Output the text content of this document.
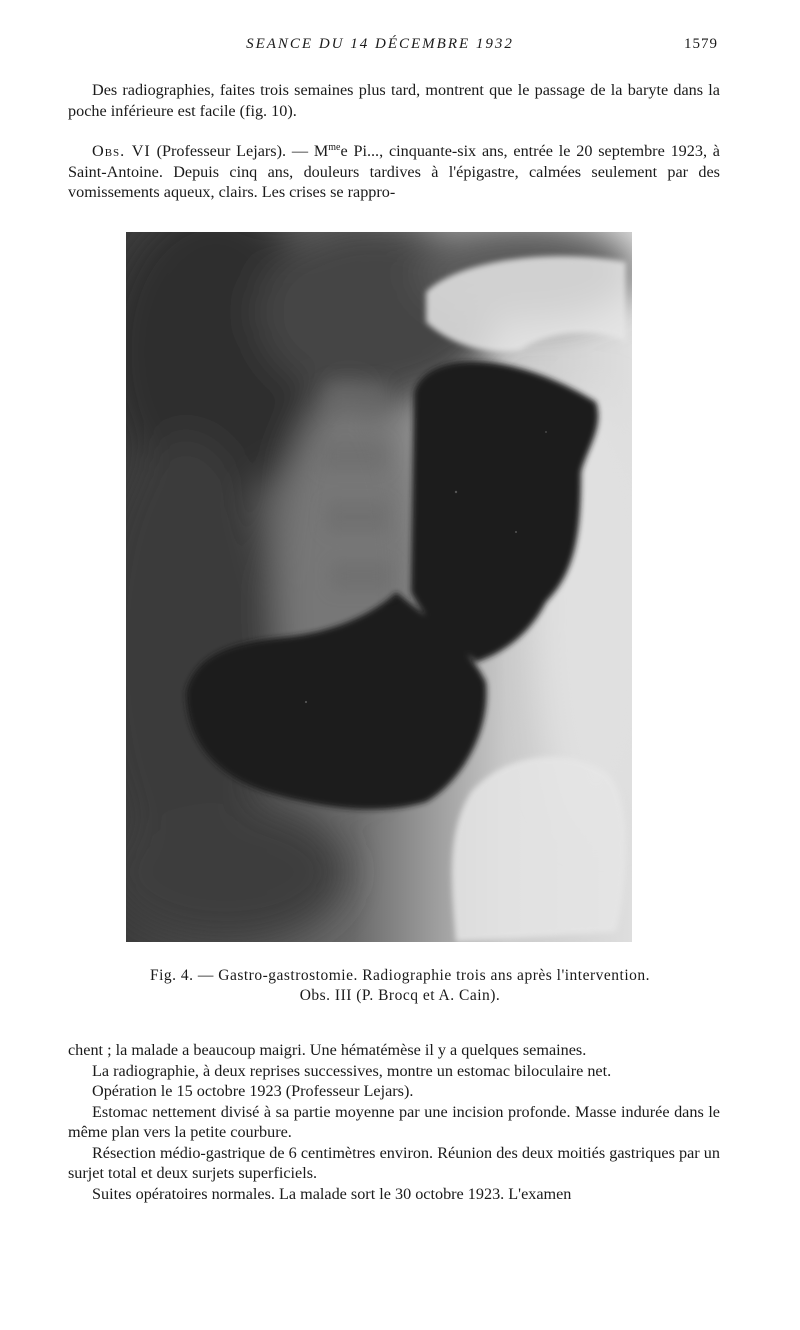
SEANCE DU 14 DÉCEMBRE 1932	1579

Des radiographies, faites trois semaines plus tard, montrent que le passage de la baryte dans la poche inférieure est facile (fig. 10).

Obs. VI (Professeur Lejars). — $M^{me}e$ Pi..., cinquante-six ans, entrée le 20 septembre 1923, à Saint-Antoine. Depuis cinq ans, douleurs tardives à l'épigastre, calmées seulement par des vomissements aqueux, clairs. Les crises se rappro-

Fig. 4. — Gastro-gastrostomie. Radiographie trois ans après l'intervention.
Obs. III (P. Brocq et A. Cain).

chent ; la malade a beaucoup maigri. Une hématémèse il y a quelques semaines.

La radiographie, à deux reprises successives, montre un estomac biloculaire net.

Opération le 15 octobre 1923 (Professeur Lejars).

Estomac nettement divisé à sa partie moyenne par une incision profonde. Masse indurée dans le même plan vers la petite courbure.

Résection médio-gastrique de 6 centimètres environ. Réunion des deux moitiés gastriques par un surjet total et deux surjets superficiels.

Suites opératoires normales. La malade sort le 30 octobre 1923. L'examen
